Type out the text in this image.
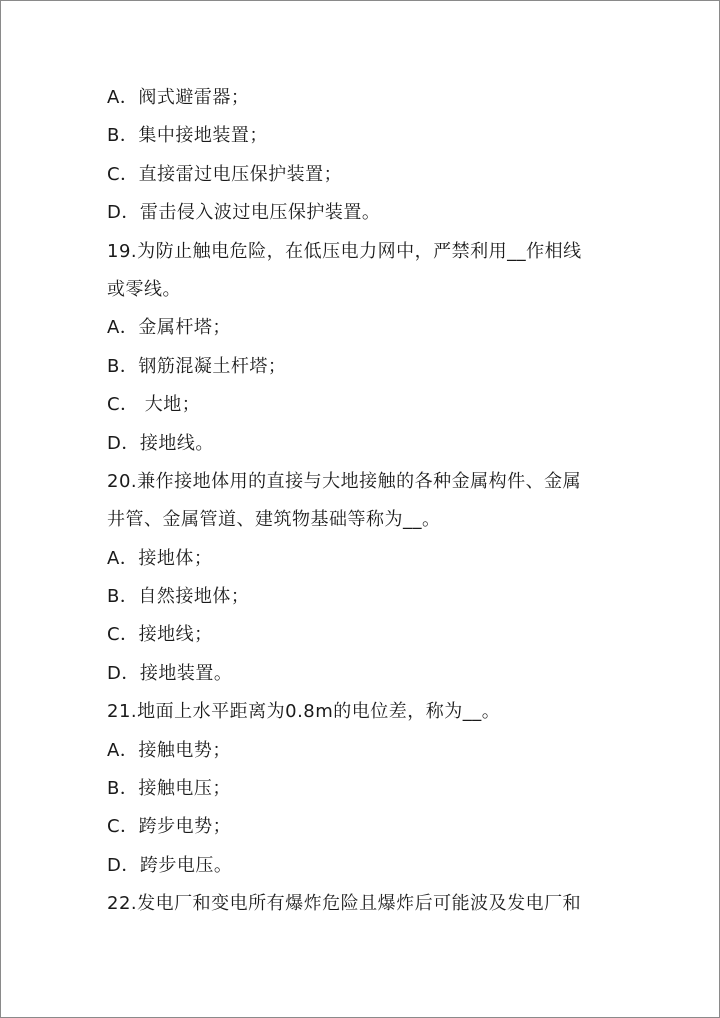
A．阀式避雷器；
B．集中接地装置；
C．直接雷过电压保护装置；
D．雷击侵入波过电压保护装置。
19.为防止触电危险，在低压电力网中，严禁利用__作相线
或零线。
A．金属杆塔；
B．钢筋混凝土杆塔；
C． 大地；
D．接地线。
20.兼作接地体用的直接与大地接触的各种金属构件、金属
井管、金属管道、建筑物基础等称为__。
A．接地体；
B．自然接地体；
C．接地线；
D．接地装置。
21.地面上水平距离为0.8m的电位差，称为__。
A．接触电势；
B．接触电压；
C．跨步电势；
D．跨步电压。
22.发电厂和变电所有爆炸危险且爆炸后可能波及发电厂和
